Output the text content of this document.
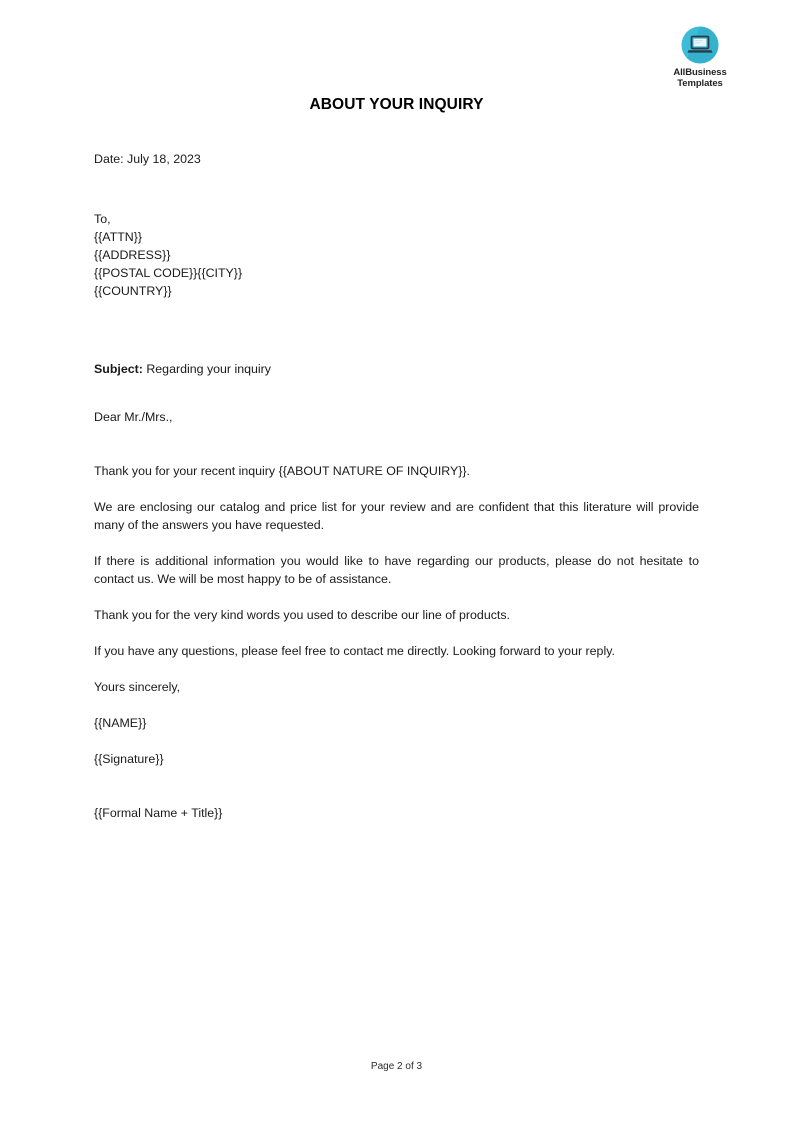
AllBusiness
Templates
ABOUT YOUR INQUIRY
Date: July 18, 2023
To,
{{ATTN}}
{{ADDRESS}}
{{POSTAL CODE}}{{CITY}}
{{COUNTRY}}
Subject: Regarding your inquiry
Dear Mr./Mrs.,

Thank you for your recent inquiry {{ABOUT NATURE OF INQUIRY}}.

We are enclosing our catalog and price list for your review and are confident that this literature will provide many of the answers you have requested.

If there is additional information you would like to have regarding our products, please do not hesitate to contact us. We will be most happy to be of assistance.

Thank you for the very kind words you used to describe our line of products.

If you have any questions, please feel free to contact me directly. Looking forward to your reply.

Yours sincerely,
{{NAME}}
{{Signature}}
{{Formal Name + Title}}
Page 2 of 3
